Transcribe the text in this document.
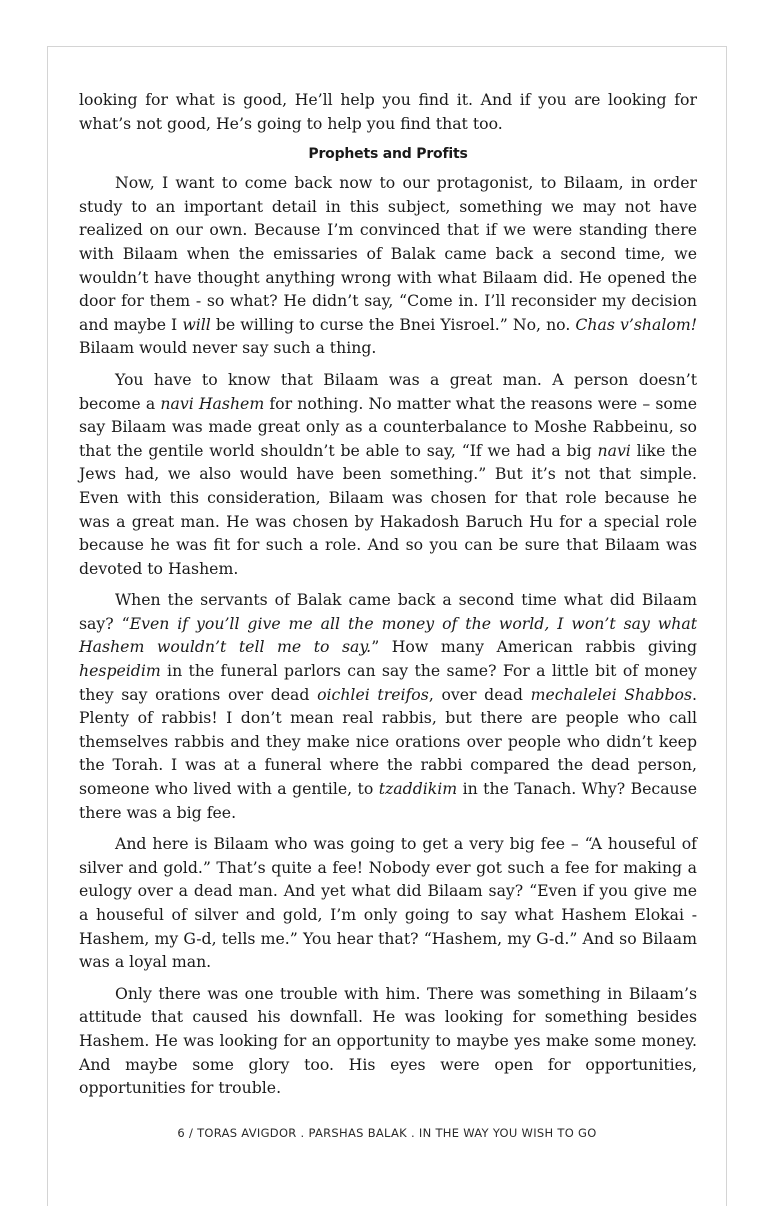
looking for what is good, He’ll help you find it. And if you are looking for what’s not good, He’s going to help you find that too.

Prophets and Profits

Now, I want to come back now to our protagonist, to Bilaam, in order study to an important detail in this subject, something we may not have realized on our own. Because I’m convinced that if we were standing there with Bilaam when the emissaries of Balak came back a second time, we wouldn’t have thought anything wrong with what Bilaam did. He opened the door for them - so what? He didn’t say, “Come in. I’ll reconsider my decision and maybe I will be willing to curse the Bnei Yisroel.” No, no. Chas v’shalom! Bilaam would never say such a thing.

You have to know that Bilaam was a great man. A person doesn’t become a navi Hashem for nothing. No matter what the reasons were – some say Bilaam was made great only as a counterbalance to Moshe Rabbeinu, so that the gentile world shouldn’t be able to say, “If we had a big navi like the Jews had, we also would have been something.” But it’s not that simple. Even with this consideration, Bilaam was chosen for that role because he was a great man. He was chosen by Hakadosh Baruch Hu for a special role because he was fit for such a role. And so you can be sure that Bilaam was devoted to Hashem.

When the servants of Balak came back a second time what did Bilaam say? “Even if you’ll give me all the money of the world, I won’t say what Hashem wouldn’t tell me to say.” How many American rabbis giving hespeidim in the funeral parlors can say the same? For a little bit of money they say orations over dead oichlei treifos, over dead mechalelei Shabbos. Plenty of rabbis! I don’t mean real rabbis, but there are people who call themselves rabbis and they make nice orations over people who didn’t keep the Torah. I was at a funeral where the rabbi compared the dead person, someone who lived with a gentile, to tzaddikim in the Tanach. Why? Because there was a big fee.

And here is Bilaam who was going to get a very big fee – “A houseful of silver and gold.” That’s quite a fee! Nobody ever got such a fee for making a eulogy over a dead man. And yet what did Bilaam say? “Even if you give me a houseful of silver and gold, I’m only going to say what Hashem Elokai - Hashem, my G-d, tells me.” You hear that? “Hashem, my G-d.” And so Bilaam was a loyal man.

Only there was one trouble with him. There was something in Bilaam’s attitude that caused his downfall. He was looking for something besides Hashem. He was looking for an opportunity to maybe yes make some money. And maybe some glory too. His eyes were open for opportunities, opportunities for trouble.

6 / TORAS AVIGDOR . PARSHAS BALAK . IN THE WAY YOU WISH TO GO
